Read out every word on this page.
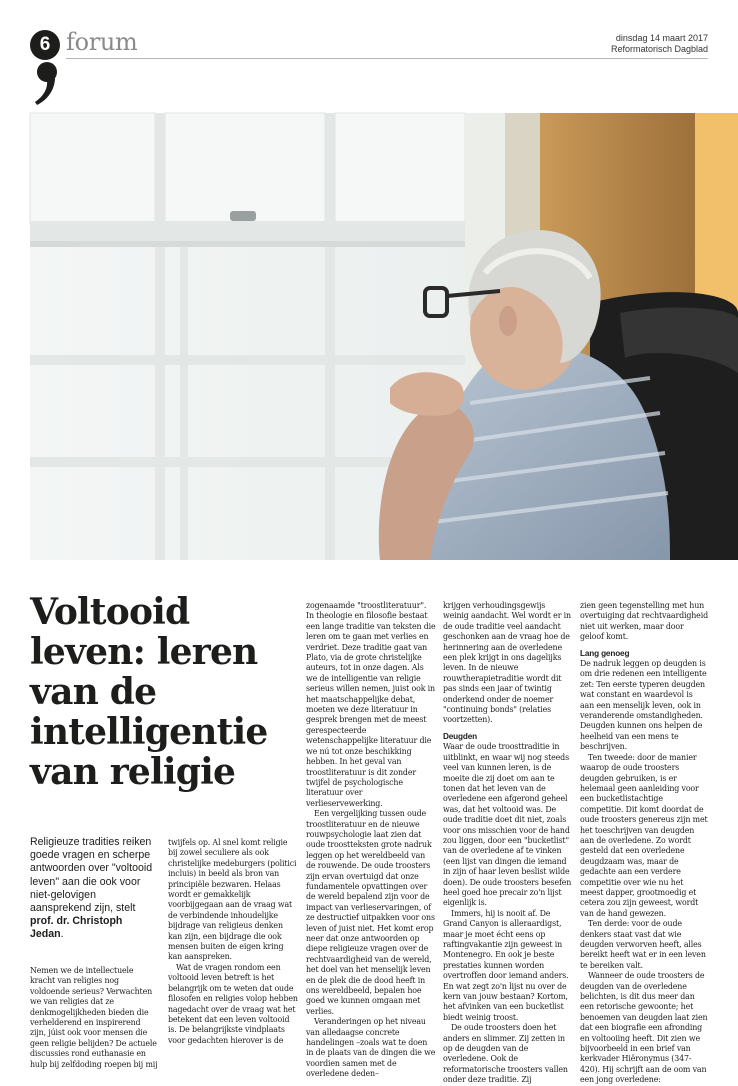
6 forum	dinsdag 14 maart 2017
Reformatorisch Dagblad
Voltooid
leven: leren
van de
intelligentie
van religie
Religieuze tradities reiken goede vragen en scherpe antwoorden over "voltooid leven" aan die ook voor niet-gelovigen aansprekend zijn, stelt prof. dr. Christoph Jedan.

Nemen we de intellectuele kracht van religies nog voldoende serieus? Verwachten we van religies dat ze denkmogelijkheden bieden die verhelderend en inspirerend zijn, júist ook voor mensen die geen religie belijden? De actuele discussies rond euthanasie en hulp bij zelfdoding roepen bij mij

twijfels op. Al snel komt religie bij zowel seculiere als ook christelijke medeburgers (politici incluis) in beeld als bron van principiële bezwaren. Helaas wordt er gemakkelijk voorbijgegaan aan de vraag wat de verbindende inhoudelijke bijdrage van religieus denken kan zijn, een bijdrage die ook mensen buiten de eigen kring kan aanspreken.

Wat de vragen rondom een voltooid leven betreft is het belangrijk om te weten dat oude filosofen en religies volop hebben nagedacht over de vraag wat het betekent dat een leven voltooid is. De belangrijkste vindplaats voor gedachten hierover is de

zogenaamde "troostliteratuur". In theologie en filosofie bestaat een lange traditie van teksten die leren om te gaan met verlies en verdriet. Deze traditie gaat van Plato, via de grote christelijke auteurs, tot in onze dagen. Als we de intelligentie van religie serieus willen nemen, juist ook in het maatschappelijke debat, moeten we deze literatuur in gesprek brengen met de meest gerespecteerde wetenschappelijke literatuur die we nú tot onze beschikking hebben. In het geval van troostliteratuur is dit zonder twijfel de psychologische literatuur over verlieservewerking.

Een vergelijking tussen oude troostliteratuur en de nieuwe rouwpsychologie laat zien dat oude troostteksten grote nadruk leggen op het wereldbeeld van de rouwende. De oude troosters zijn ervan overtuigd dat onze fundamentele opvattingen over de wereld bepalend zijn voor de impact van verlieservaringen, of ze destructief uitpakken voor ons leven of juist niet. Het komt erop neer dat onze antwoorden op diepe religieuze vragen over de rechtvaardigheid van de wereld, het doel van het menselijk leven en de plek die de dood heeft in ons wereldbeeld, bepalen hoe goed we kunnen omgaan met verlies.

Veranderingen op het niveau van alledaagse concrete handelingen –zoals wat te doen in de plaats van de dingen die we voordien samen met de overledene deden–

krijgen verhoudingsgewijs weinig aandacht. Wel wordt er in de oude traditie veel aandacht geschonken aan de vraag hoe de herinnering aan de overledene een plek krijgt in ons dagelijks leven. In de nieuwe rouwtherapietraditie wordt dit pas sinds een jaar of twintig onderkend onder de noemer "continuing bonds" (relaties voortzetten).

Deugden

Waar de oude troosttraditie in uitblinkt, en waar wij nog steeds veel van kunnen leren, is de moeite die zij doet om aan te tonen dat het leven van de overledene een afgerond geheel was, dat het voltooid was. De oude traditie doet dit niet, zoals voor ons misschien voor de hand zou liggen, door een "bucketlist" van de overledene af te vinken (een lijst van dingen die iemand in zijn of haar leven beslist wilde doen). De oude troosters besefen heel goed hoe precair zo'n lijst eigenlijk is.

Immers, hij is nooit af. De Grand Canyon is alleraardigst, maar je moet écht eens op raftingvakantie zijn geweest in Montenegro. En ook je beste prestaties kunnen worden overtroffen door iemand anders. En wat zegt zo'n lijst nu over de kern van jouw bestaan? Kortom, het afvinken van een bucketlist biedt weinig troost.

De oude troosters doen het anders en slimmer. Zij zetten in op de deugden van de overledene. Ook de reformatorische troosters vallen onder deze traditie. Zij

zien geen tegenstelling met hun overtuiging dat rechtvaardigheid niet uit werken, maar door geloof komt.

Lang genoeg

De nadruk leggen op deugden is om drie redenen een intelligente zet: Ten eerste typeren deugden wat constant en waardevol is aan een menselijk leven, ook in veranderende omstandigheden. Deugden kunnen ons helpen de heelheid van een mens te beschrijven.

Ten tweede: door de manier waarop de oude troosters deugden gebruiken, is er helemaal geen aanleiding voor een bucketlistachtige competitie. Dit komt doordat de oude troosters genereus zijn met het toeschrijven van deugden aan de overledene. Zo wordt gesteld dat een overledene deugdzaam was, maar de gedachte aan een verdere competitie over wie nu het meest dapper, grootmoedig et cetera zou zijn geweest, wordt van de hand gewezen.

Ten derde: voor de oude denkers staat vast dat wie deugden verworven heeft, alles bereikt heeft wat er in een leven te bereiken valt.

Wanneer de oude troosters de deugden van de overledene belichten, is dit dus meer dan een retorische gewoonte; het benoemen van deugden laat zien dat een biografie een afronding en voltooiing heeft. Dit zien we bijvoorbeeld in een brief van kerkvader Hiëronymus (347-420). Hij schrijft aan de oom van een jong overledene:
